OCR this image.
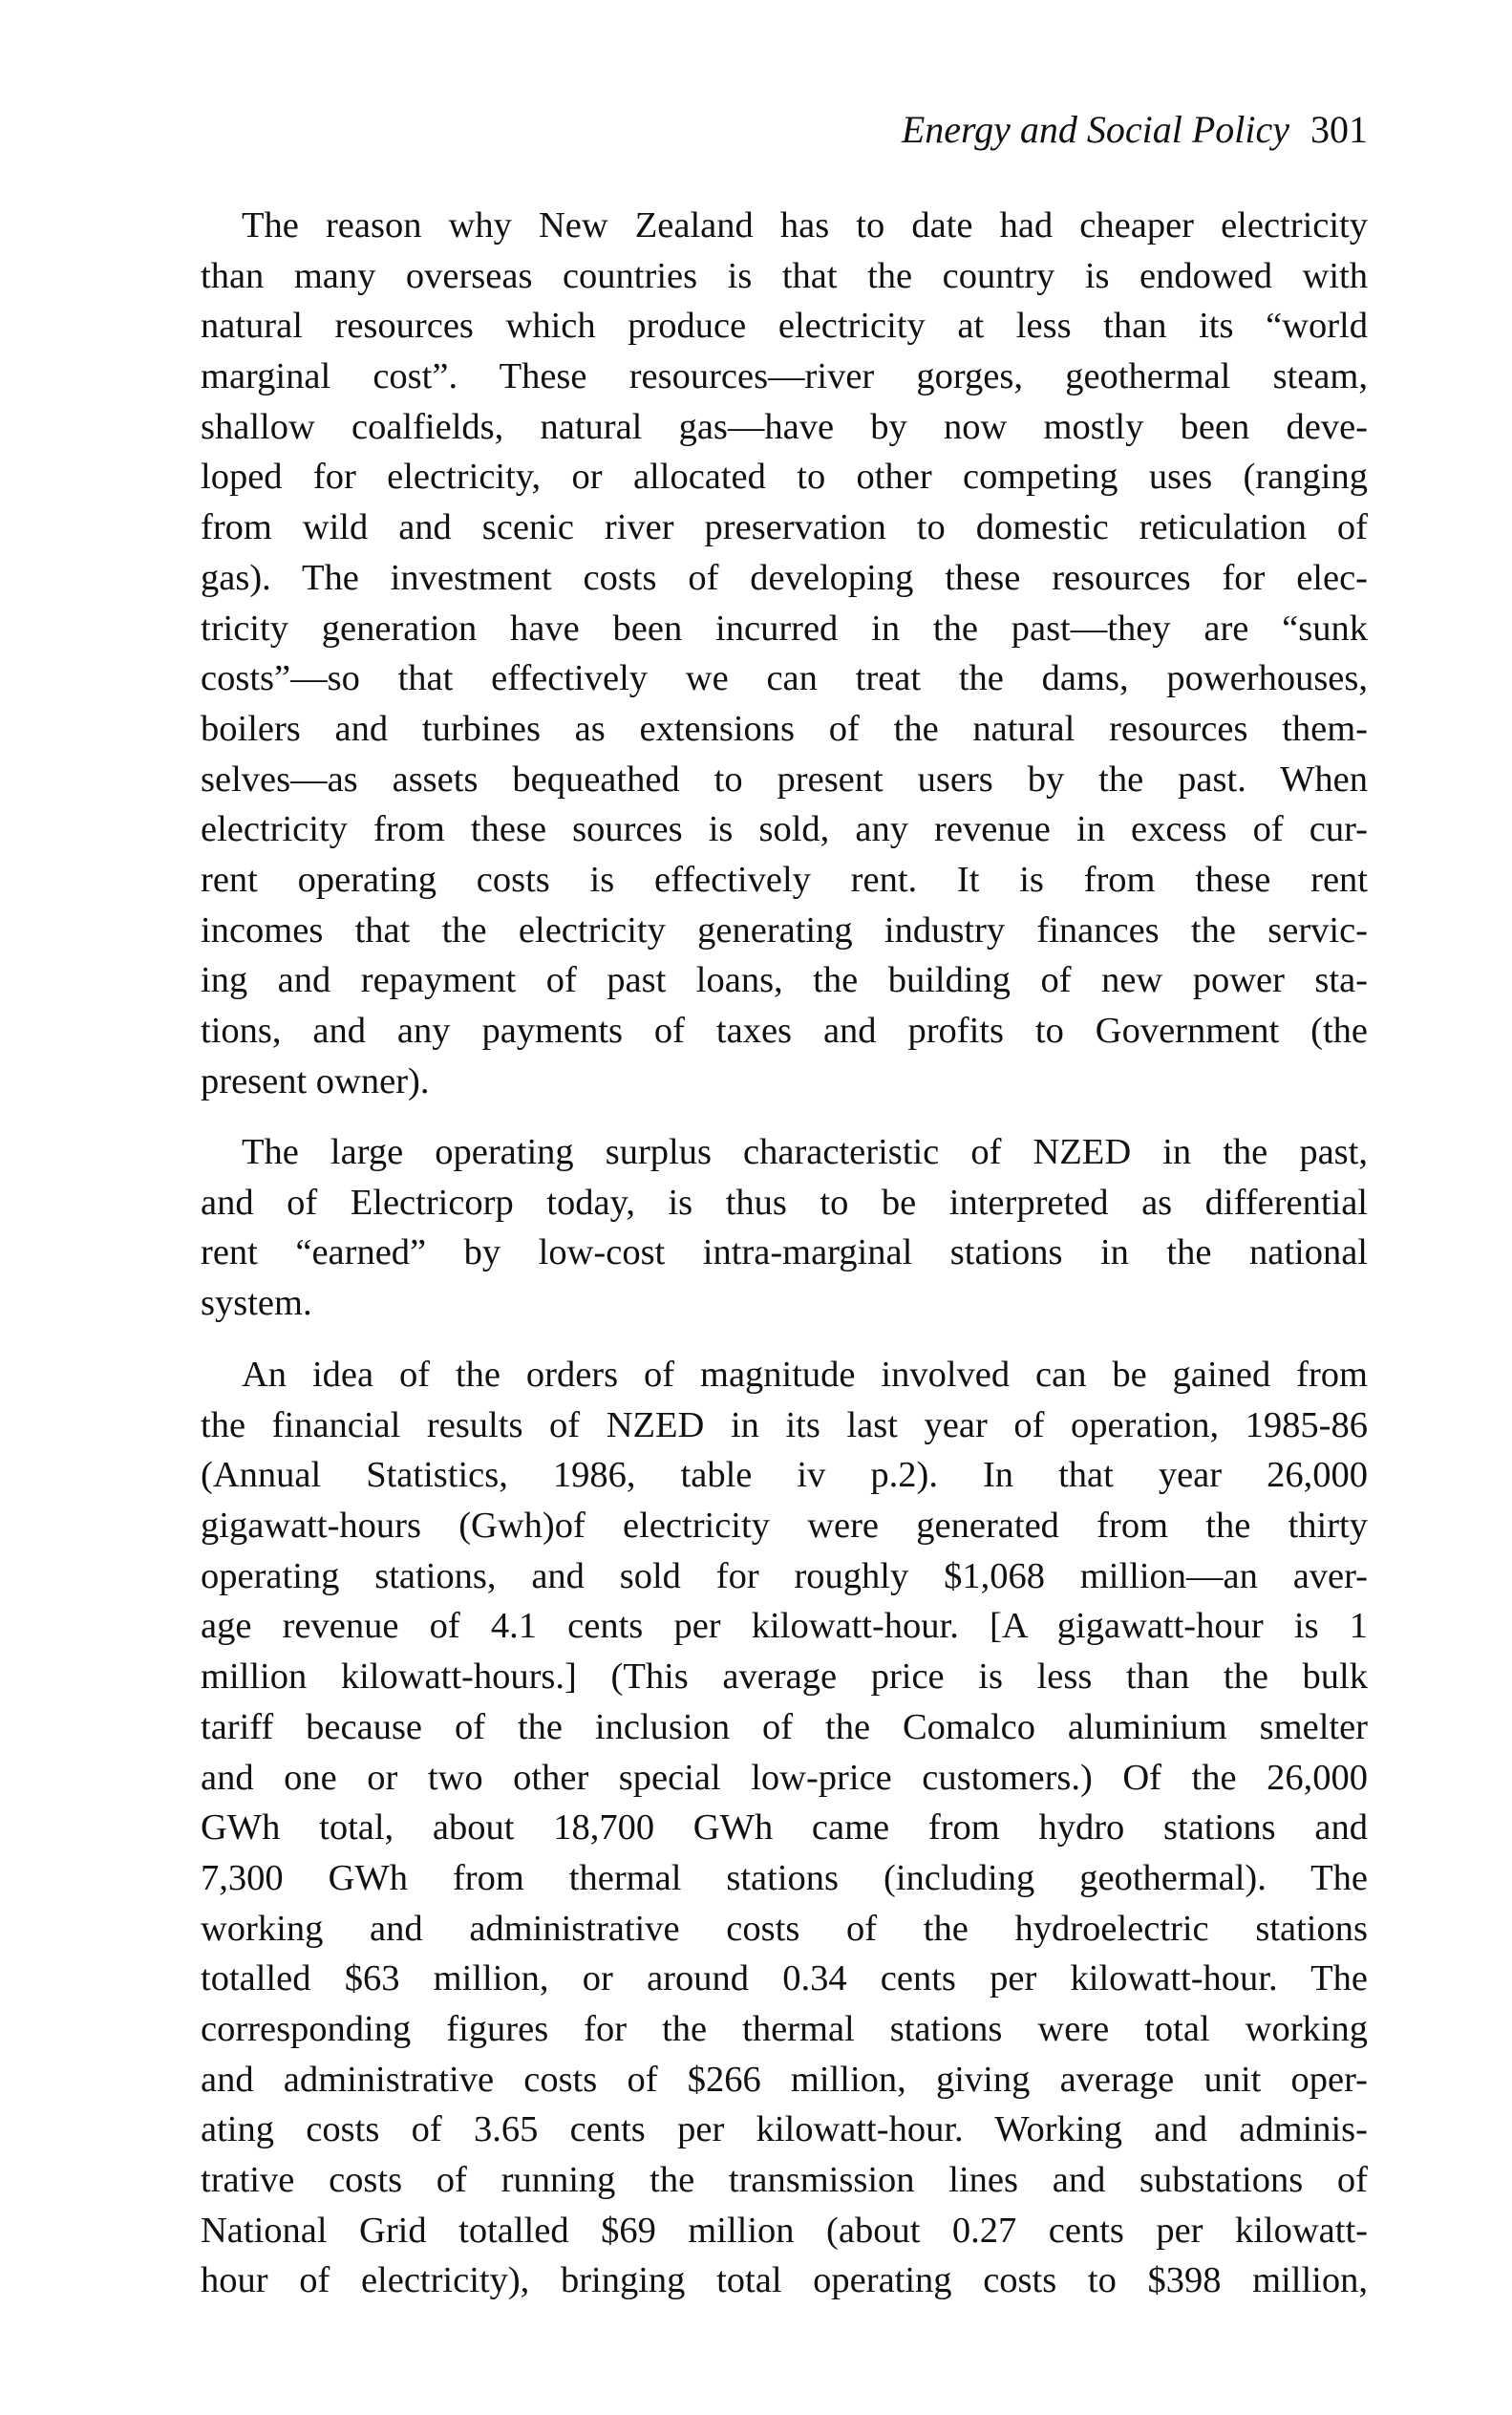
Energy and Social Policy 301
The reason why New Zealand has to date had cheaper electricity
than many overseas countries is that the country is endowed with
natural resources which produce electricity at less than its “world
marginal cost”. These resources—river gorges, geothermal steam,
shallow coalfields, natural gas—have by now mostly been deve-
loped for electricity, or allocated to other competing uses (ranging
from wild and scenic river preservation to domestic reticulation of
gas). The investment costs of developing these resources for elec-
tricity generation have been incurred in the past—they are “sunk
costs”—so that effectively we can treat the dams, powerhouses,
boilers and turbines as extensions of the natural resources them-
selves—as assets bequeathed to present users by the past. When
electricity from these sources is sold, any revenue in excess of cur-
rent operating costs is effectively rent. It is from these rent
incomes that the electricity generating industry finances the servic-
ing and repayment of past loans, the building of new power sta-
tions, and any payments of taxes and profits to Government (the
present owner).
The large operating surplus characteristic of NZED in the past,
and of Electricorp today, is thus to be interpreted as differential
rent “earned” by low-cost intra-marginal stations in the national
system.
An idea of the orders of magnitude involved can be gained from
the financial results of NZED in its last year of operation, 1985-86
(Annual Statistics, 1986, table iv p.2). In that year 26,000
gigawatt-hours (Gwh)of electricity were generated from the thirty
operating stations, and sold for roughly $1,068 million—an aver-
age revenue of 4.1 cents per kilowatt-hour. [A gigawatt-hour is 1
million kilowatt-hours.] (This average price is less than the bulk
tariff because of the inclusion of the Comalco aluminium smelter
and one or two other special low-price customers.) Of the 26,000
GWh total, about 18,700 GWh came from hydro stations and
7,300 GWh from thermal stations (including geothermal). The
working and administrative costs of the hydroelectric stations
totalled $63 million, or around 0.34 cents per kilowatt-hour. The
corresponding figures for the thermal stations were total working
and administrative costs of $266 million, giving average unit oper-
ating costs of 3.65 cents per kilowatt-hour. Working and adminis-
trative costs of running the transmission lines and substations of
National Grid totalled $69 million (about 0.27 cents per kilowatt-
hour of electricity), bringing total operating costs to $398 million,
